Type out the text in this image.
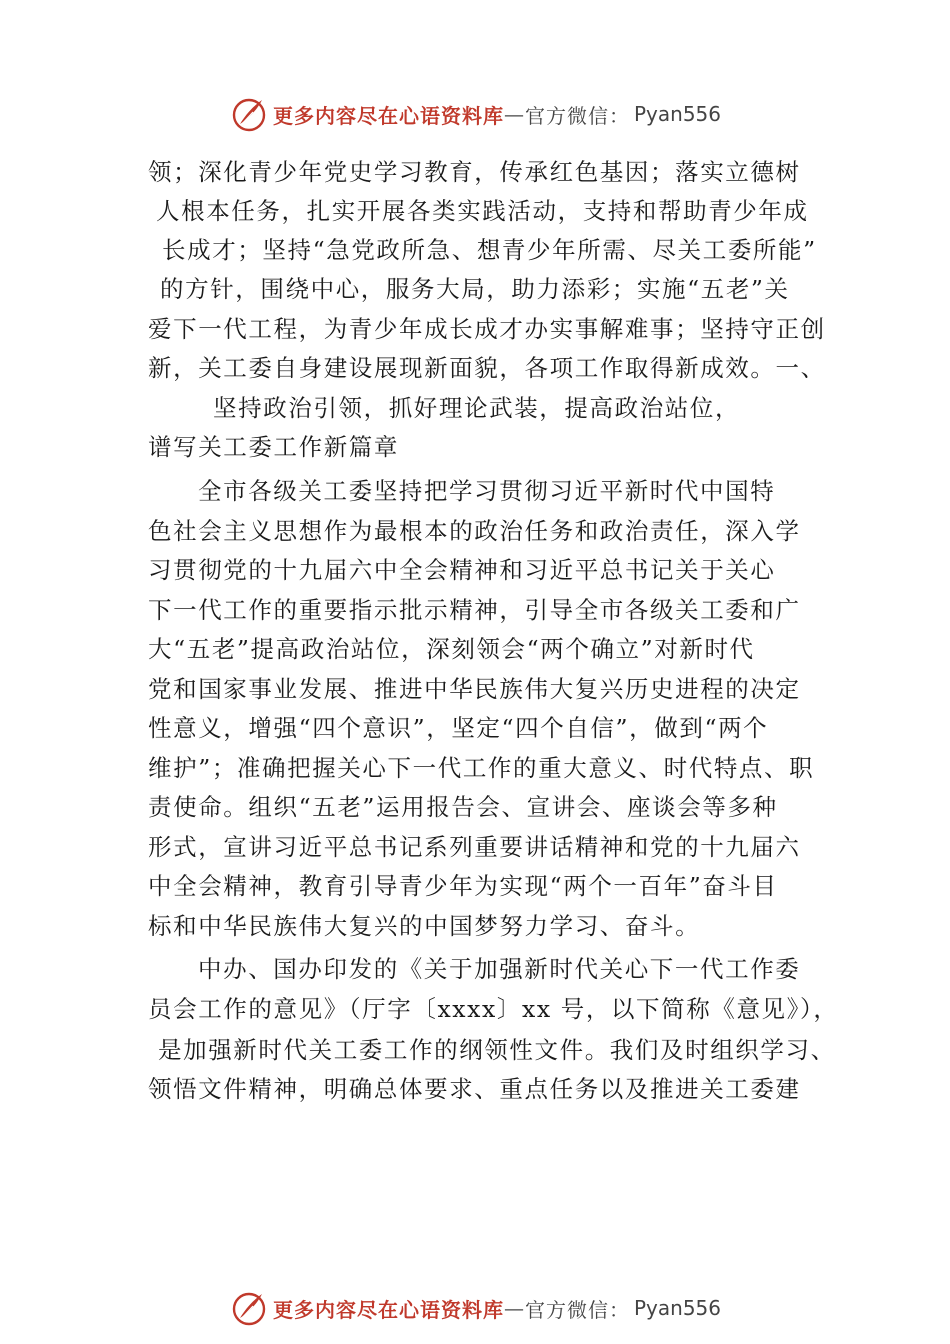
更多内容尽在心语资料库 — 官方微信： Pyan556
领；深化青少年党史学习教育，传承红色基因；落实立德树
人根本任务，扎实开展各类实践活动，支持和帮助青少年成
长成才；坚持“急党政所急、想青少年所需、尽关工委所能”
的方针，围绕中心，服务大局，助力添彩；实施“五老”关
爱下一代工程，为青少年成长成才办实事解难事；坚持守正创
新，关工委自身建设展现新面貌，各项工作取得新成效。一、
坚持政治引领，抓好理论武装，提高政治站位，
谱写关工委工作新篇章
全市各级关工委坚持把学习贯彻习近平新时代中国特
色社会主义思想作为最根本的政治任务和政治责任，深入学
习贯彻党的十九届六中全会精神和习近平总书记关于关心
下一代工作的重要指示批示精神，引导全市各级关工委和广
大“五老”提高政治站位，深刻领会“两个确立”对新时代
党和国家事业发展、推进中华民族伟大复兴历史进程的决定
性意义，增强“四个意识”，坚定“四个自信”，做到“两个
维护”；准确把握关心下一代工作的重大意义、时代特点、职
责使命。组织“五老”运用报告会、宣讲会、座谈会等多种
形式，宣讲习近平总书记系列重要讲话精神和党的十九届六
中全会精神，教育引导青少年为实现“两个一百年”奋斗目
标和中华民族伟大复兴的中国梦努力学习、奋斗。
中办、国办印发的《关于加强新时代关心下一代工作委
员会工作的意见》（厅字〔xxxx〕xx 号，以下简称《意见》），
是加强新时代关工委工作的纲领性文件。我们及时组织学习、
领悟文件精神，明确总体要求、重点任务以及推进关工委建
更多内容尽在心语资料库 — 官方微信： Pyan556
